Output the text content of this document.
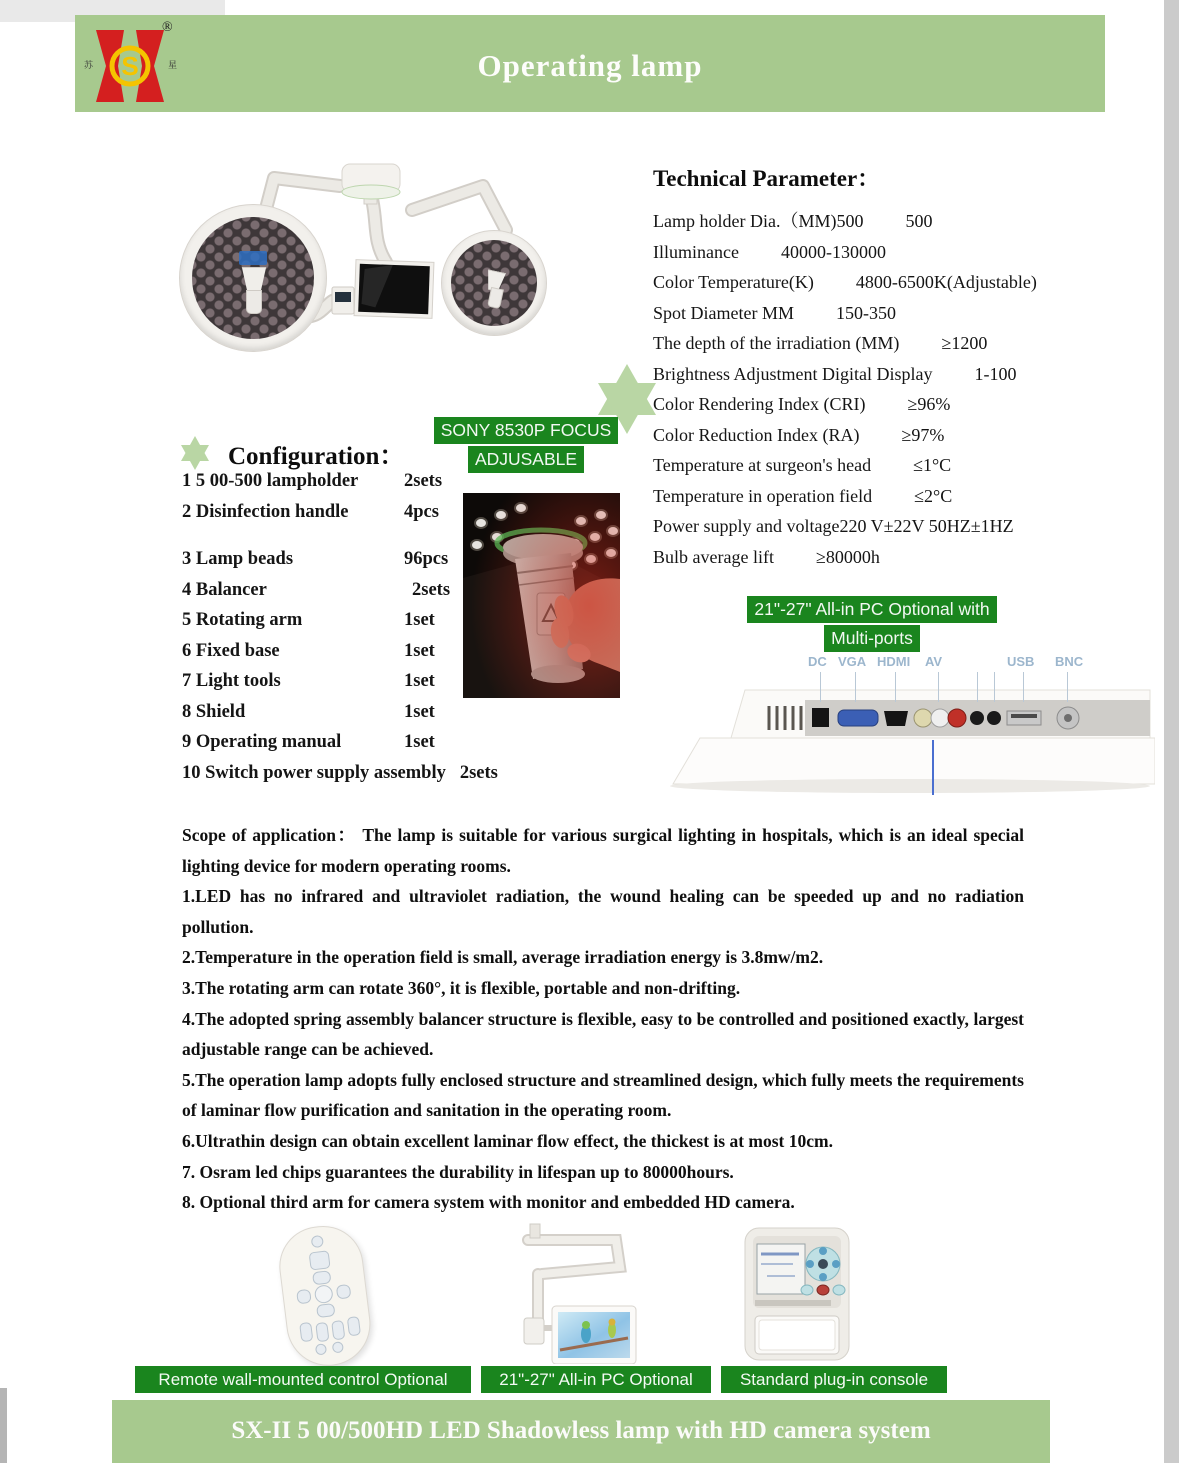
Operating lamp
S
苏	星
®
Technical Parameter：
Lamp holder Dia.（MM)500 500
Illuminance 40000-130000
Color Temperature(K) 4800-6500K(Adjustable)
Spot Diameter MM 150-350
The depth of the irradiation (MM) ≥1200
Brightness Adjustment Digital Display 1-100
Color Rendering Index (CRI) ≥96%
Color Reduction Index (RA) ≥97%
Temperature at surgeon's head ≤1°C
Temperature in operation field ≤2°C
Power supply and voltage220 V±22V 50HZ±1HZ
Bulb average lift ≥80000h
SONY 8530P FOCUS
ADJUSABLE
Configuration：
1 5 00-500 lampholder	2sets
2 Disinfection handle	4pcs
3 Lamp beads	96pcs
4 Balancer	2sets
5 Rotating arm	1set
6 Fixed base	1set
7 Light tools	1set
8 Shield	1set
9 Operating manual	1set
10 Switch power supply assembly 2sets
21"-27" All-in PC Optional with
Multi-ports
DC VGA HDMI AV	USB BNC

Scope of application： The lamp is suitable for various surgical lighting in hospitals, which is an ideal special lighting device for modern operating rooms.

1.LED has no infrared and ultraviolet radiation, the wound healing can be speeded up and no radiation pollution.

2.Temperature in the operation field is small, average irradiation energy is 3.8mw/m2.

3.The rotating arm can rotate 360°, it is flexible, portable and non-drifting.

4.The adopted spring assembly balancer structure is flexible, easy to be controlled and positioned exactly, largest adjustable range can be achieved.

5.The operation lamp adopts fully enclosed structure and streamlined design, which fully meets the requirements of laminar flow purification and sanitation in the operating room.

6.Ultrathin design can obtain excellent laminar flow effect, the thickest is at most 10cm.

7. Osram led chips guarantees the durability in lifespan up to 80000hours.

8. Optional third arm for camera system with monitor and embedded HD camera.

Remote wall-mounted control Optional	21"-27" All-in PC Optional	Standard plug-in console
SX-II 5 00/500HD LED Shadowless lamp with HD camera system
